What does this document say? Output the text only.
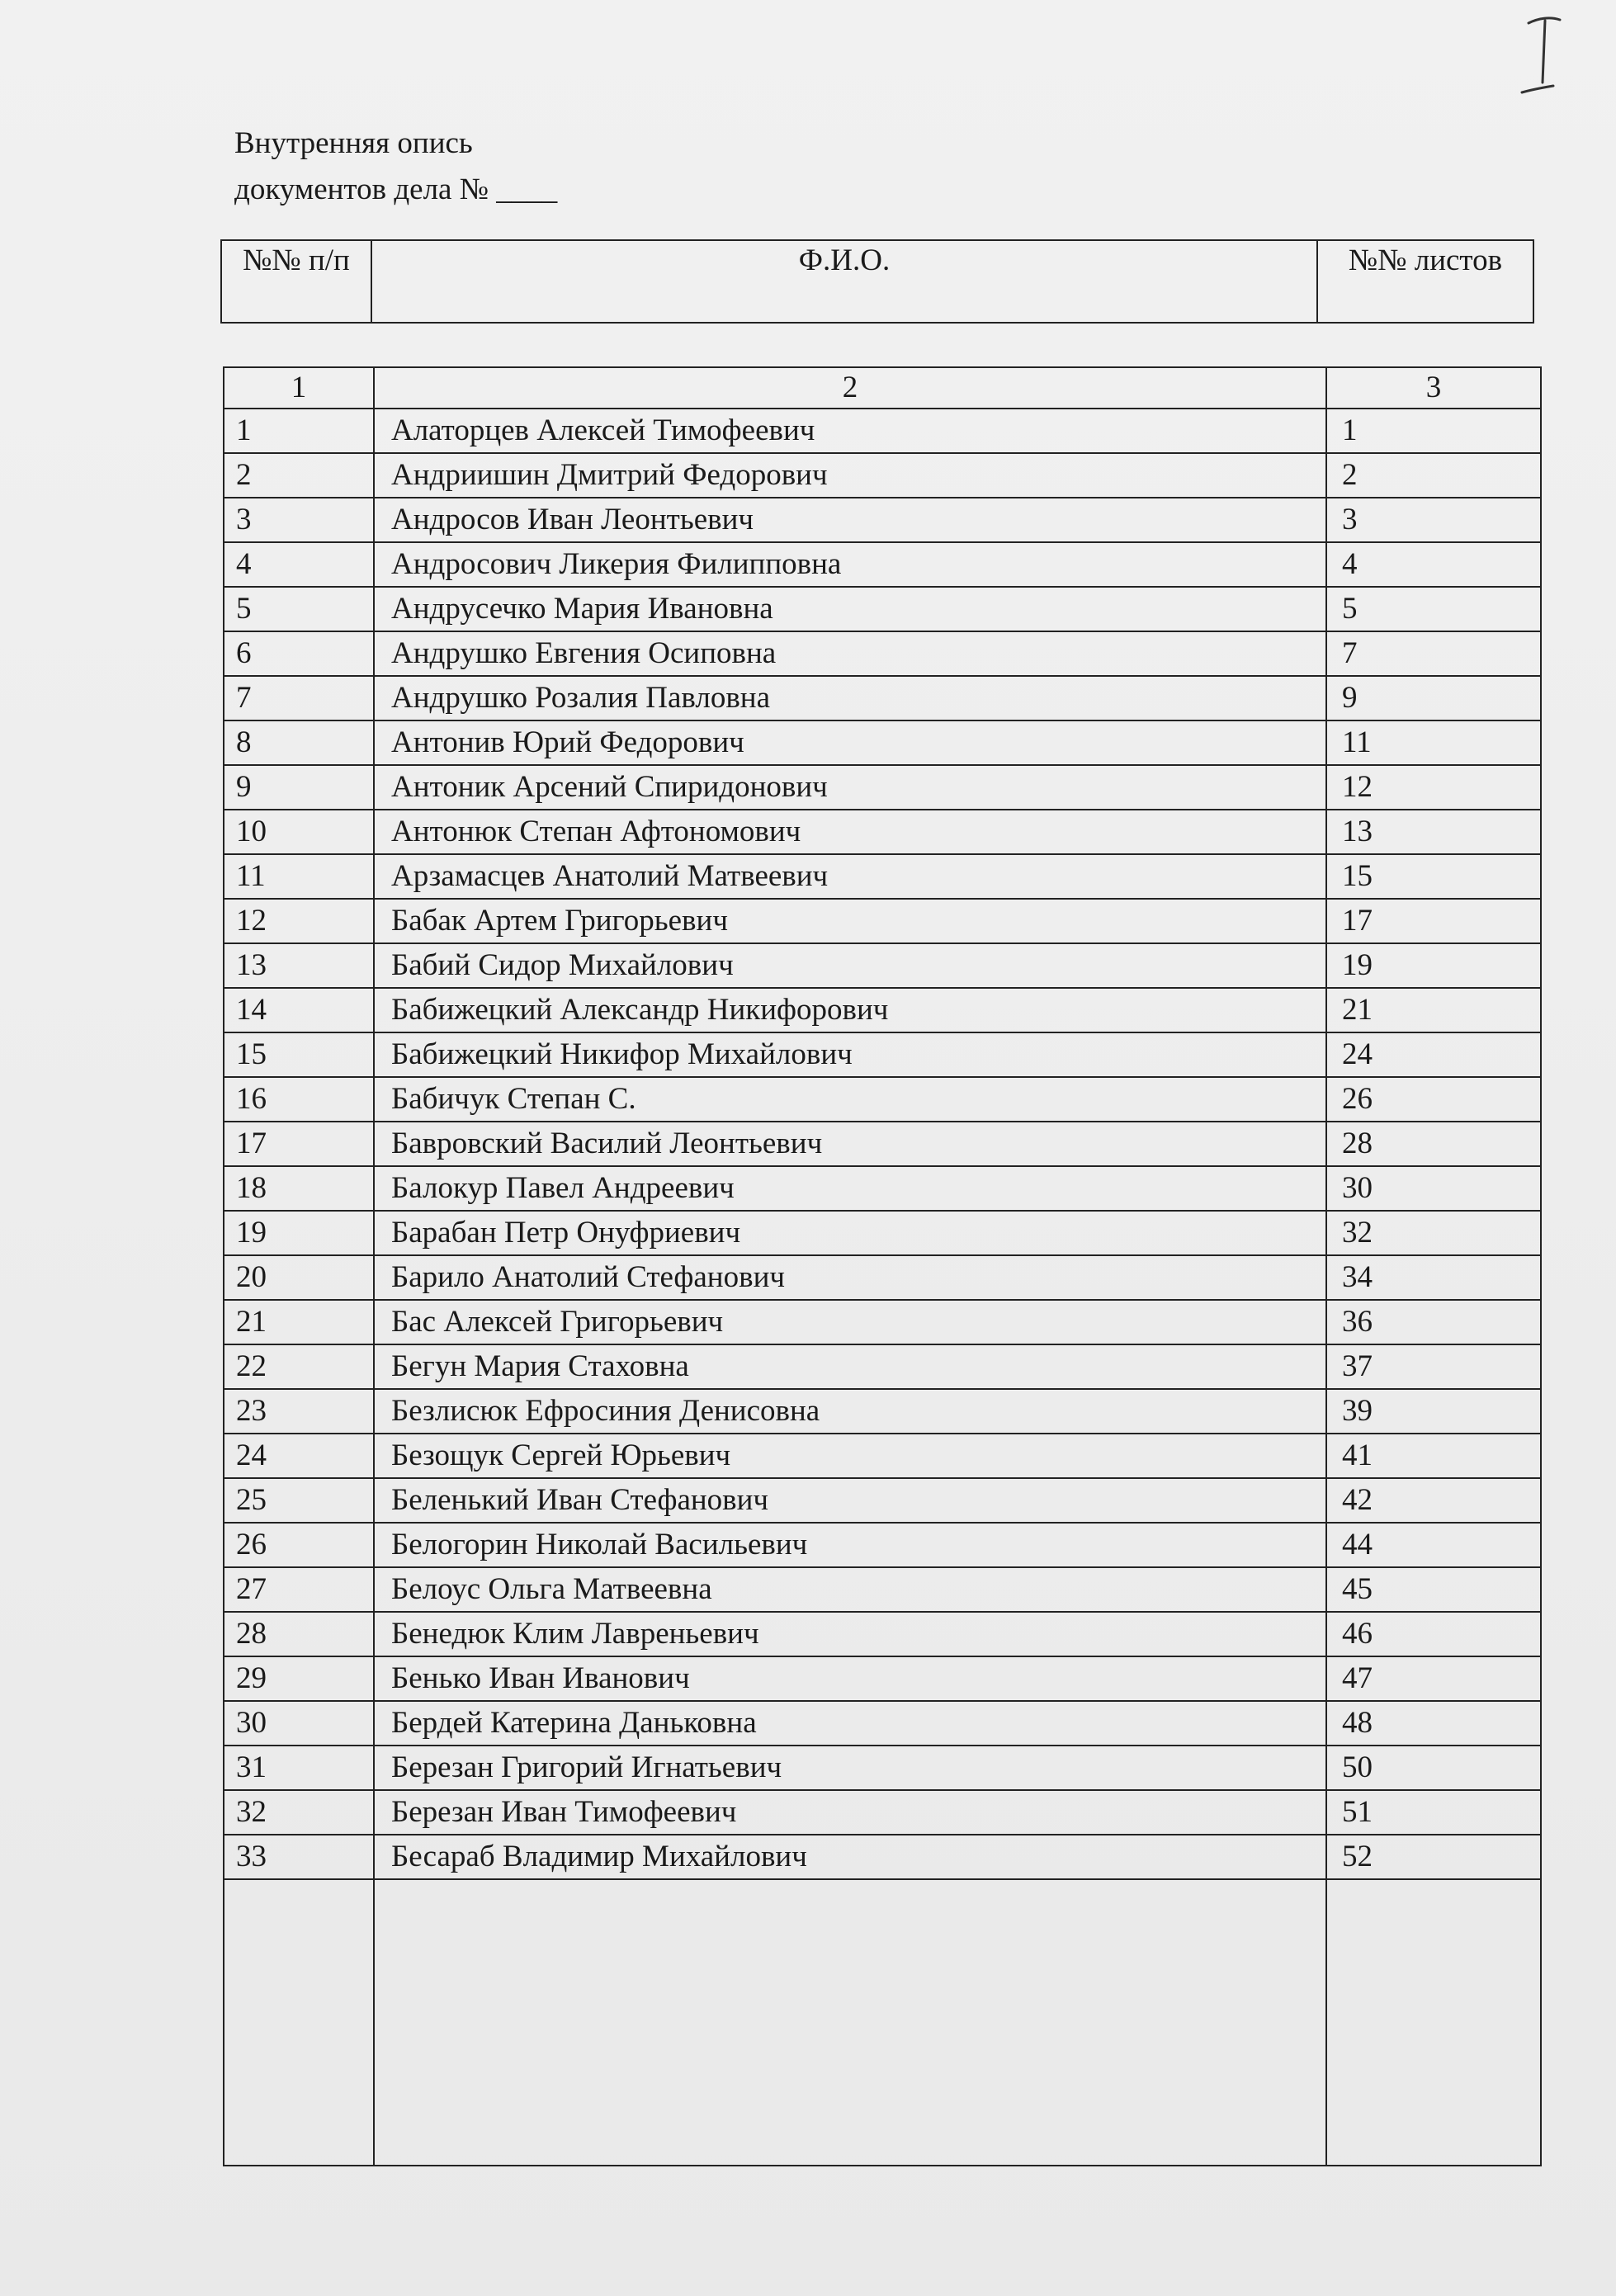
Внутренняя опись
документов дела № ____
№№ п/п	Ф.И.О.	№№ листов
1	2	3
1	Алаторцев Алексей Тимофеевич	1
2	Андриишин Дмитрий Федорович	2
3	Андросов Иван Леонтьевич	3
4	Андросович Ликерия Филипповна	4
5	Андрусечко Мария Ивановна	5
6	Андрушко Евгения Осиповна	7
7	Андрушко Розалия Павловна	9
8	Антонив Юрий Федорович	11
9	Антоник Арсений Спиридонович	12
10	Антонюк Степан Афтономович	13
11	Арзамасцев Анатолий Матвеевич	15
12	Бабак Артем Григорьевич	17
13	Бабий Сидор Михайлович	19
14	Бабижецкий Александр Никифорович	21
15	Бабижецкий Никифор Михайлович	24
16	Бабичук Степан С.	26
17	Бавровский Василий Леонтьевич	28
18	Балокур Павел Андреевич	30
19	Барабан Петр Онуфриевич	32
20	Барило Анатолий Стефанович	34
21	Бас Алексей Григорьевич	36
22	Бегун Мария Стаховна	37
23	Безлисюк Ефросиния Денисовна	39
24	Безощук Сергей Юрьевич	41
25	Беленький Иван Стефанович	42
26	Белогорин Николай Васильевич	44
27	Белоус Ольга Матвеевна	45
28	Бенедюк Клим Лавреньевич	46
29	Бенько Иван Иванович	47
30	Бердей Катерина Даньковна	48
31	Березан Григорий Игнатьевич	50
32	Березан Иван Тимофеевич	51
33	Бесараб Владимир Михайлович	52
